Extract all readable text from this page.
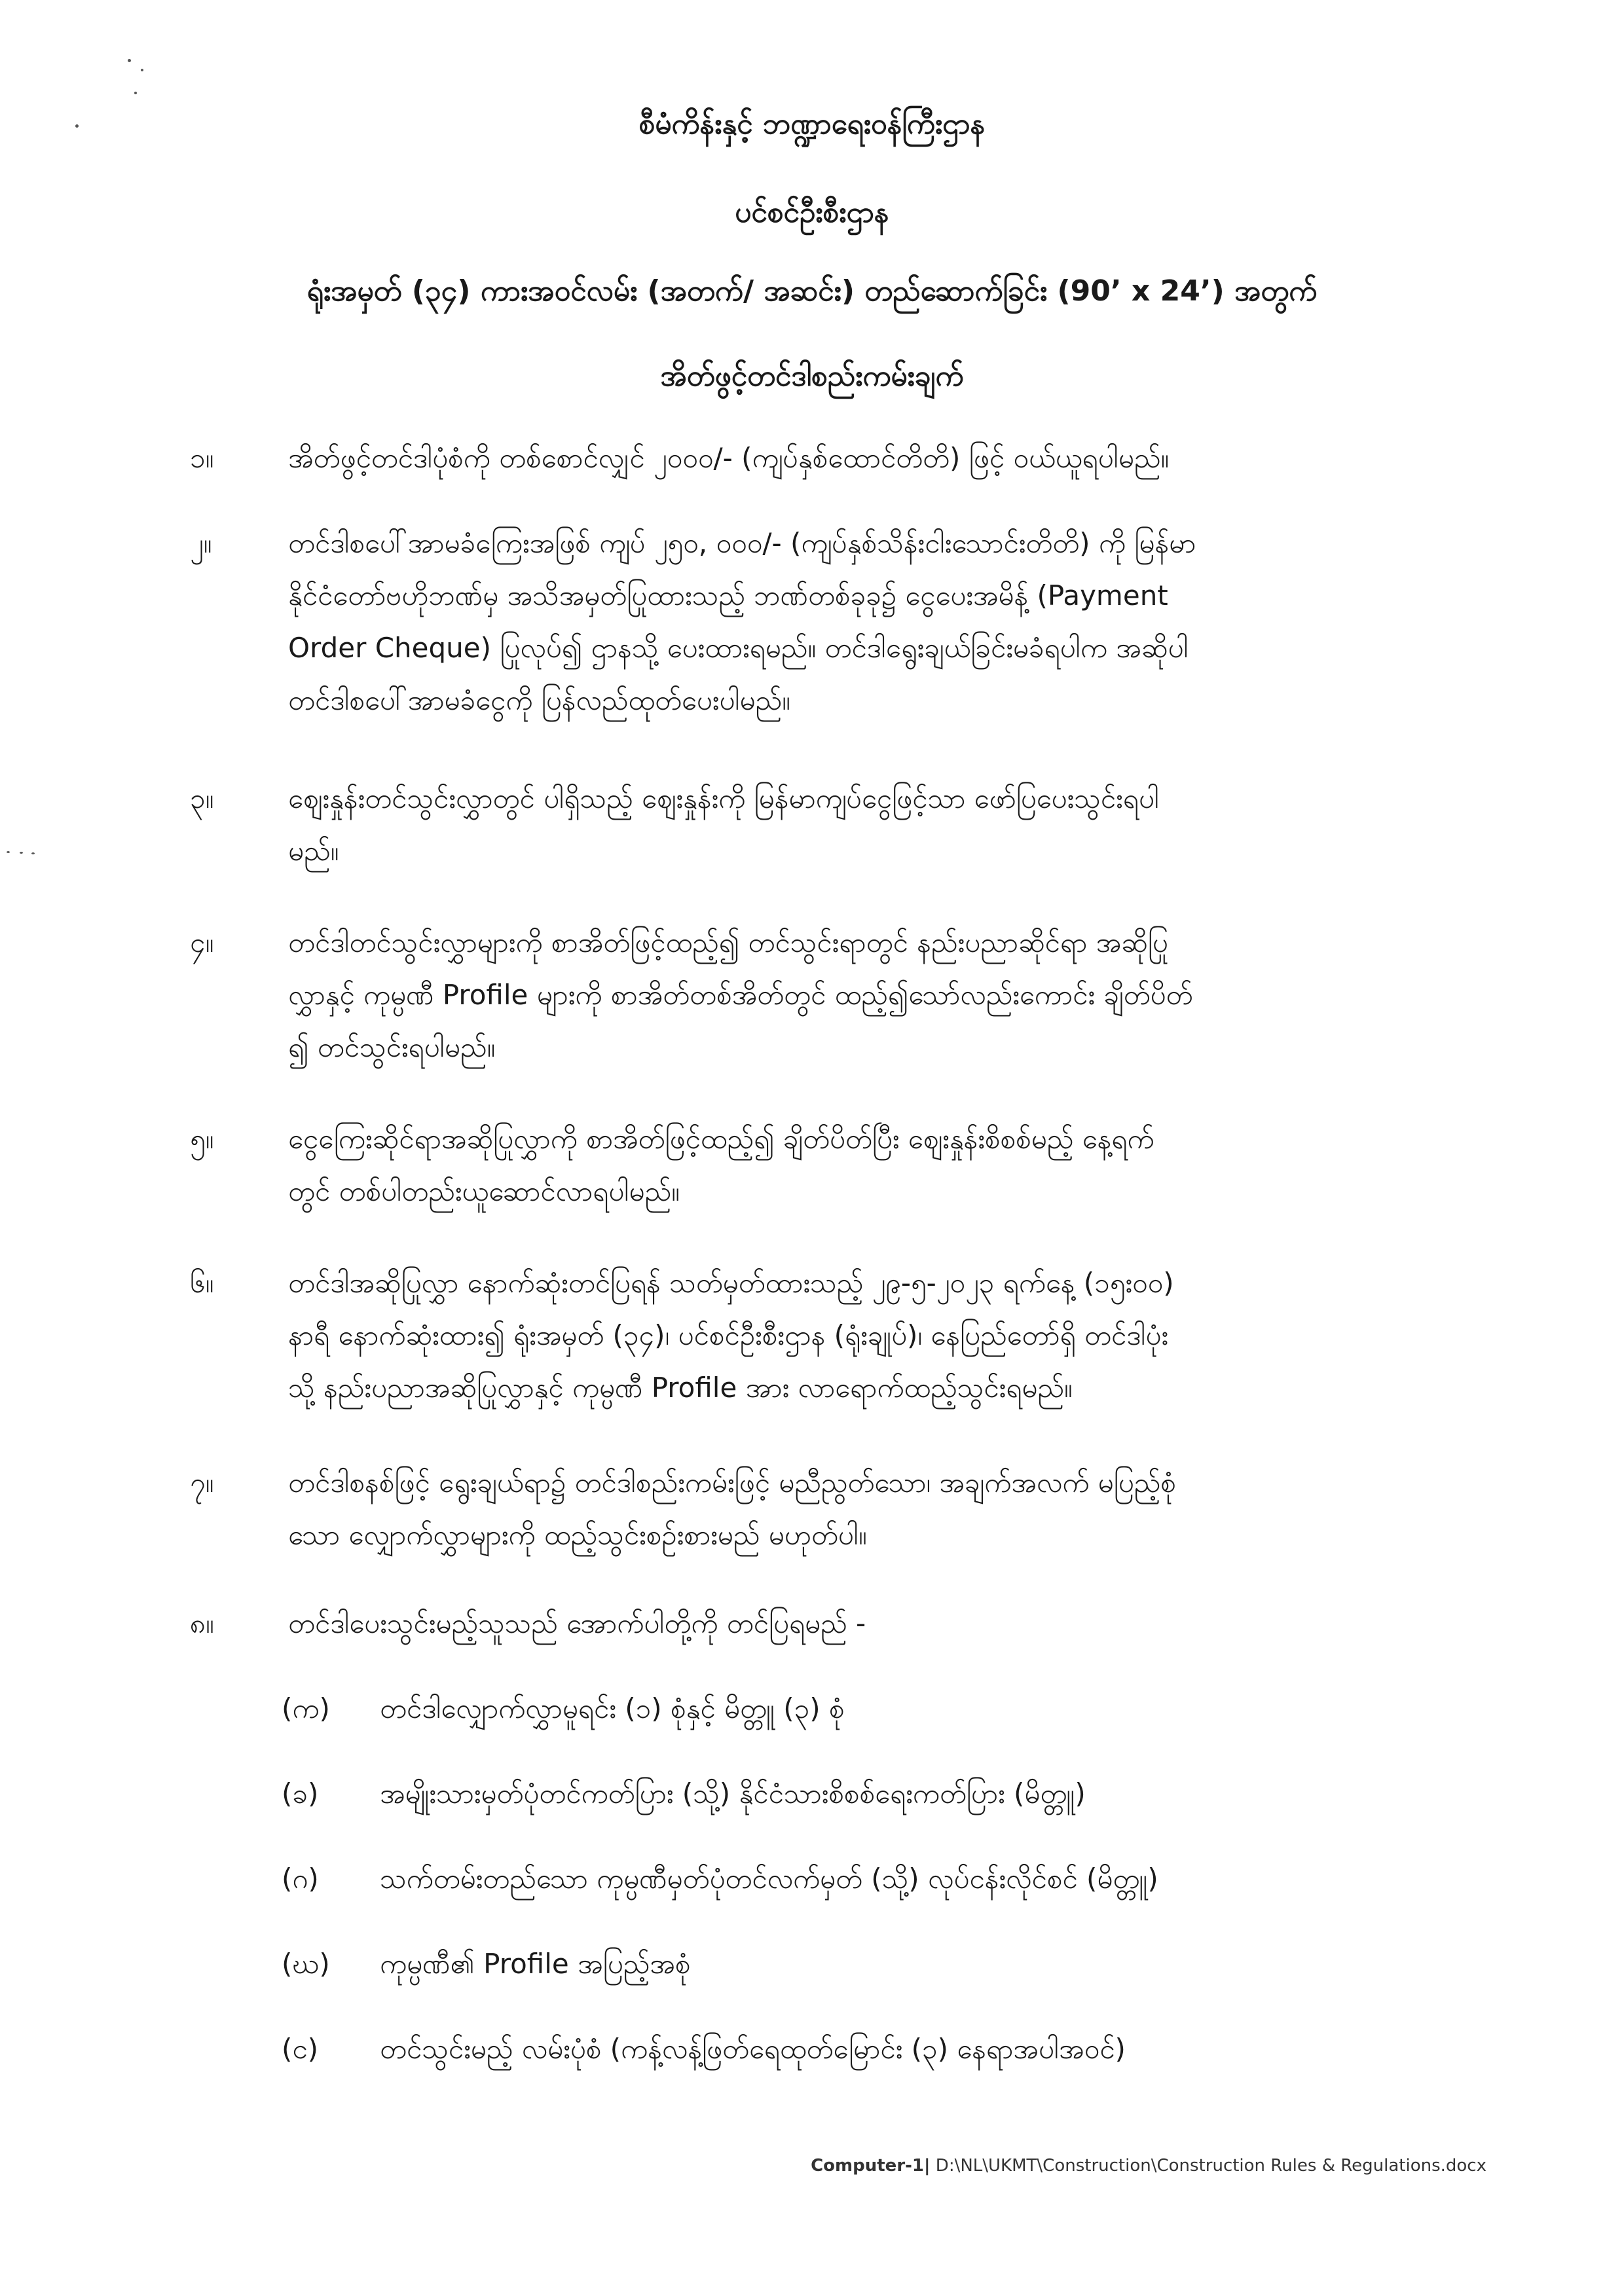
စီမံကိန်းနှင့် ဘဏ္ဍာရေးဝန်ကြီးဌာန
ပင်စင်ဦးစီးဌာန
ရုံးအမှတ် (၃၄) ကားအဝင်လမ်း (အတက်/ အဆင်း) တည်ဆောက်ခြင်း (90’ x 24’) အတွက်
အိတ်ဖွင့်တင်ဒါစည်းကမ်းချက်
၁။	အိတ်ဖွင့်တင်ဒါပုံစံကို တစ်စောင်လျှင် ၂၀၀၀/- (ကျပ်နှစ်ထောင်တိတိ) ဖြင့် ဝယ်ယူရပါမည်။
၂။	တင်ဒါစပေါ်အာမခံကြေးအဖြစ် ကျပ် ၂၅၀, ၀၀၀/- (ကျပ်နှစ်သိန်းငါးသောင်းတိတိ) ကို မြန်မာ
နိုင်ငံတော်ဗဟိုဘဏ်မှ အသိအမှတ်ပြုထားသည့် ဘဏ်တစ်ခုခု၌ ငွေပေးအမိန့် (Payment
Order Cheque) ပြုလုပ်၍ ဌာနသို့ ပေးထားရမည်။ တင်ဒါရွေးချယ်ခြင်းမခံရပါက အဆိုပါ
တင်ဒါစပေါ်အာမခံငွေကို ပြန်လည်ထုတ်ပေးပါမည်။
၃။	ဈေးနှုန်းတင်သွင်းလွှာတွင် ပါရှိသည့် ဈေးနှုန်းကို မြန်မာကျပ်ငွေဖြင့်သာ ဖော်ပြပေးသွင်းရပါ
မည်။
၄။	တင်ဒါတင်သွင်းလွှာများကို စာအိတ်ဖြင့်ထည့်၍ တင်သွင်းရာတွင် နည်းပညာဆိုင်ရာ အဆိုပြု
လွှာနှင့် ကုမ္ပဏီ Profile များကို စာအိတ်တစ်အိတ်တွင် ထည့်၍သော်လည်းကောင်း ချိတ်ပိတ်
၍ တင်သွင်းရပါမည်။
၅။	ငွေကြေးဆိုင်ရာအဆိုပြုလွှာကို စာအိတ်ဖြင့်ထည့်၍ ချိတ်ပိတ်ပြီး ဈေးနှုန်းစိစစ်မည့် နေ့ရက်
တွင် တစ်ပါတည်းယူဆောင်လာရပါမည်။
၆။	တင်ဒါအဆိုပြုလွှာ နောက်ဆုံးတင်ပြရန် သတ်မှတ်ထားသည့် ၂၉-၅-၂၀၂၃ ရက်နေ့ (၁၅း၀၀)
နာရီ နောက်ဆုံးထား၍ ရုံးအမှတ် (၃၄)၊ ပင်စင်ဦးစီးဌာန (ရုံးချုပ်)၊ နေပြည်တော်ရှိ တင်ဒါပုံး
သို့ နည်းပညာအဆိုပြုလွှာနှင့် ကုမ္ပဏီ Profile အား လာရောက်ထည့်သွင်းရမည်။
၇။	တင်ဒါစနစ်ဖြင့် ရွေးချယ်ရာ၌ တင်ဒါစည်းကမ်းဖြင့် မညီညွတ်သော၊ အချက်အလက် မပြည့်စုံ
သော လျှောက်လွှာများကို ထည့်သွင်းစဉ်းစားမည် မဟုတ်ပါ။
၈။	တင်ဒါပေးသွင်းမည့်သူသည် အောက်ပါတို့ကို တင်ပြရမည် -
(က)	တင်ဒါလျှောက်လွှာမူရင်း (၁) စုံနှင့် မိတ္တူ (၃) စုံ
(ခ)	အမျိုးသားမှတ်ပုံတင်ကတ်ပြား (သို့) နိုင်ငံသားစိစစ်ရေးကတ်ပြား (မိတ္တူ)
(ဂ)	သက်တမ်းတည်သော ကုမ္ပဏီမှတ်ပုံတင်လက်မှတ် (သို့) လုပ်ငန်းလိုင်စင် (မိတ္တူ)
(ဃ)	ကုမ္ပဏီ၏ Profile အပြည့်အစုံ
(င)	တင်သွင်းမည့် လမ်းပုံစံ (ကန့်လန့်ဖြတ်ရေထုတ်မြောင်း (၃) နေရာအပါအဝင်)
Computer-1| D:\NL\UKMT\Construction\Construction Rules & Regulations.docx
